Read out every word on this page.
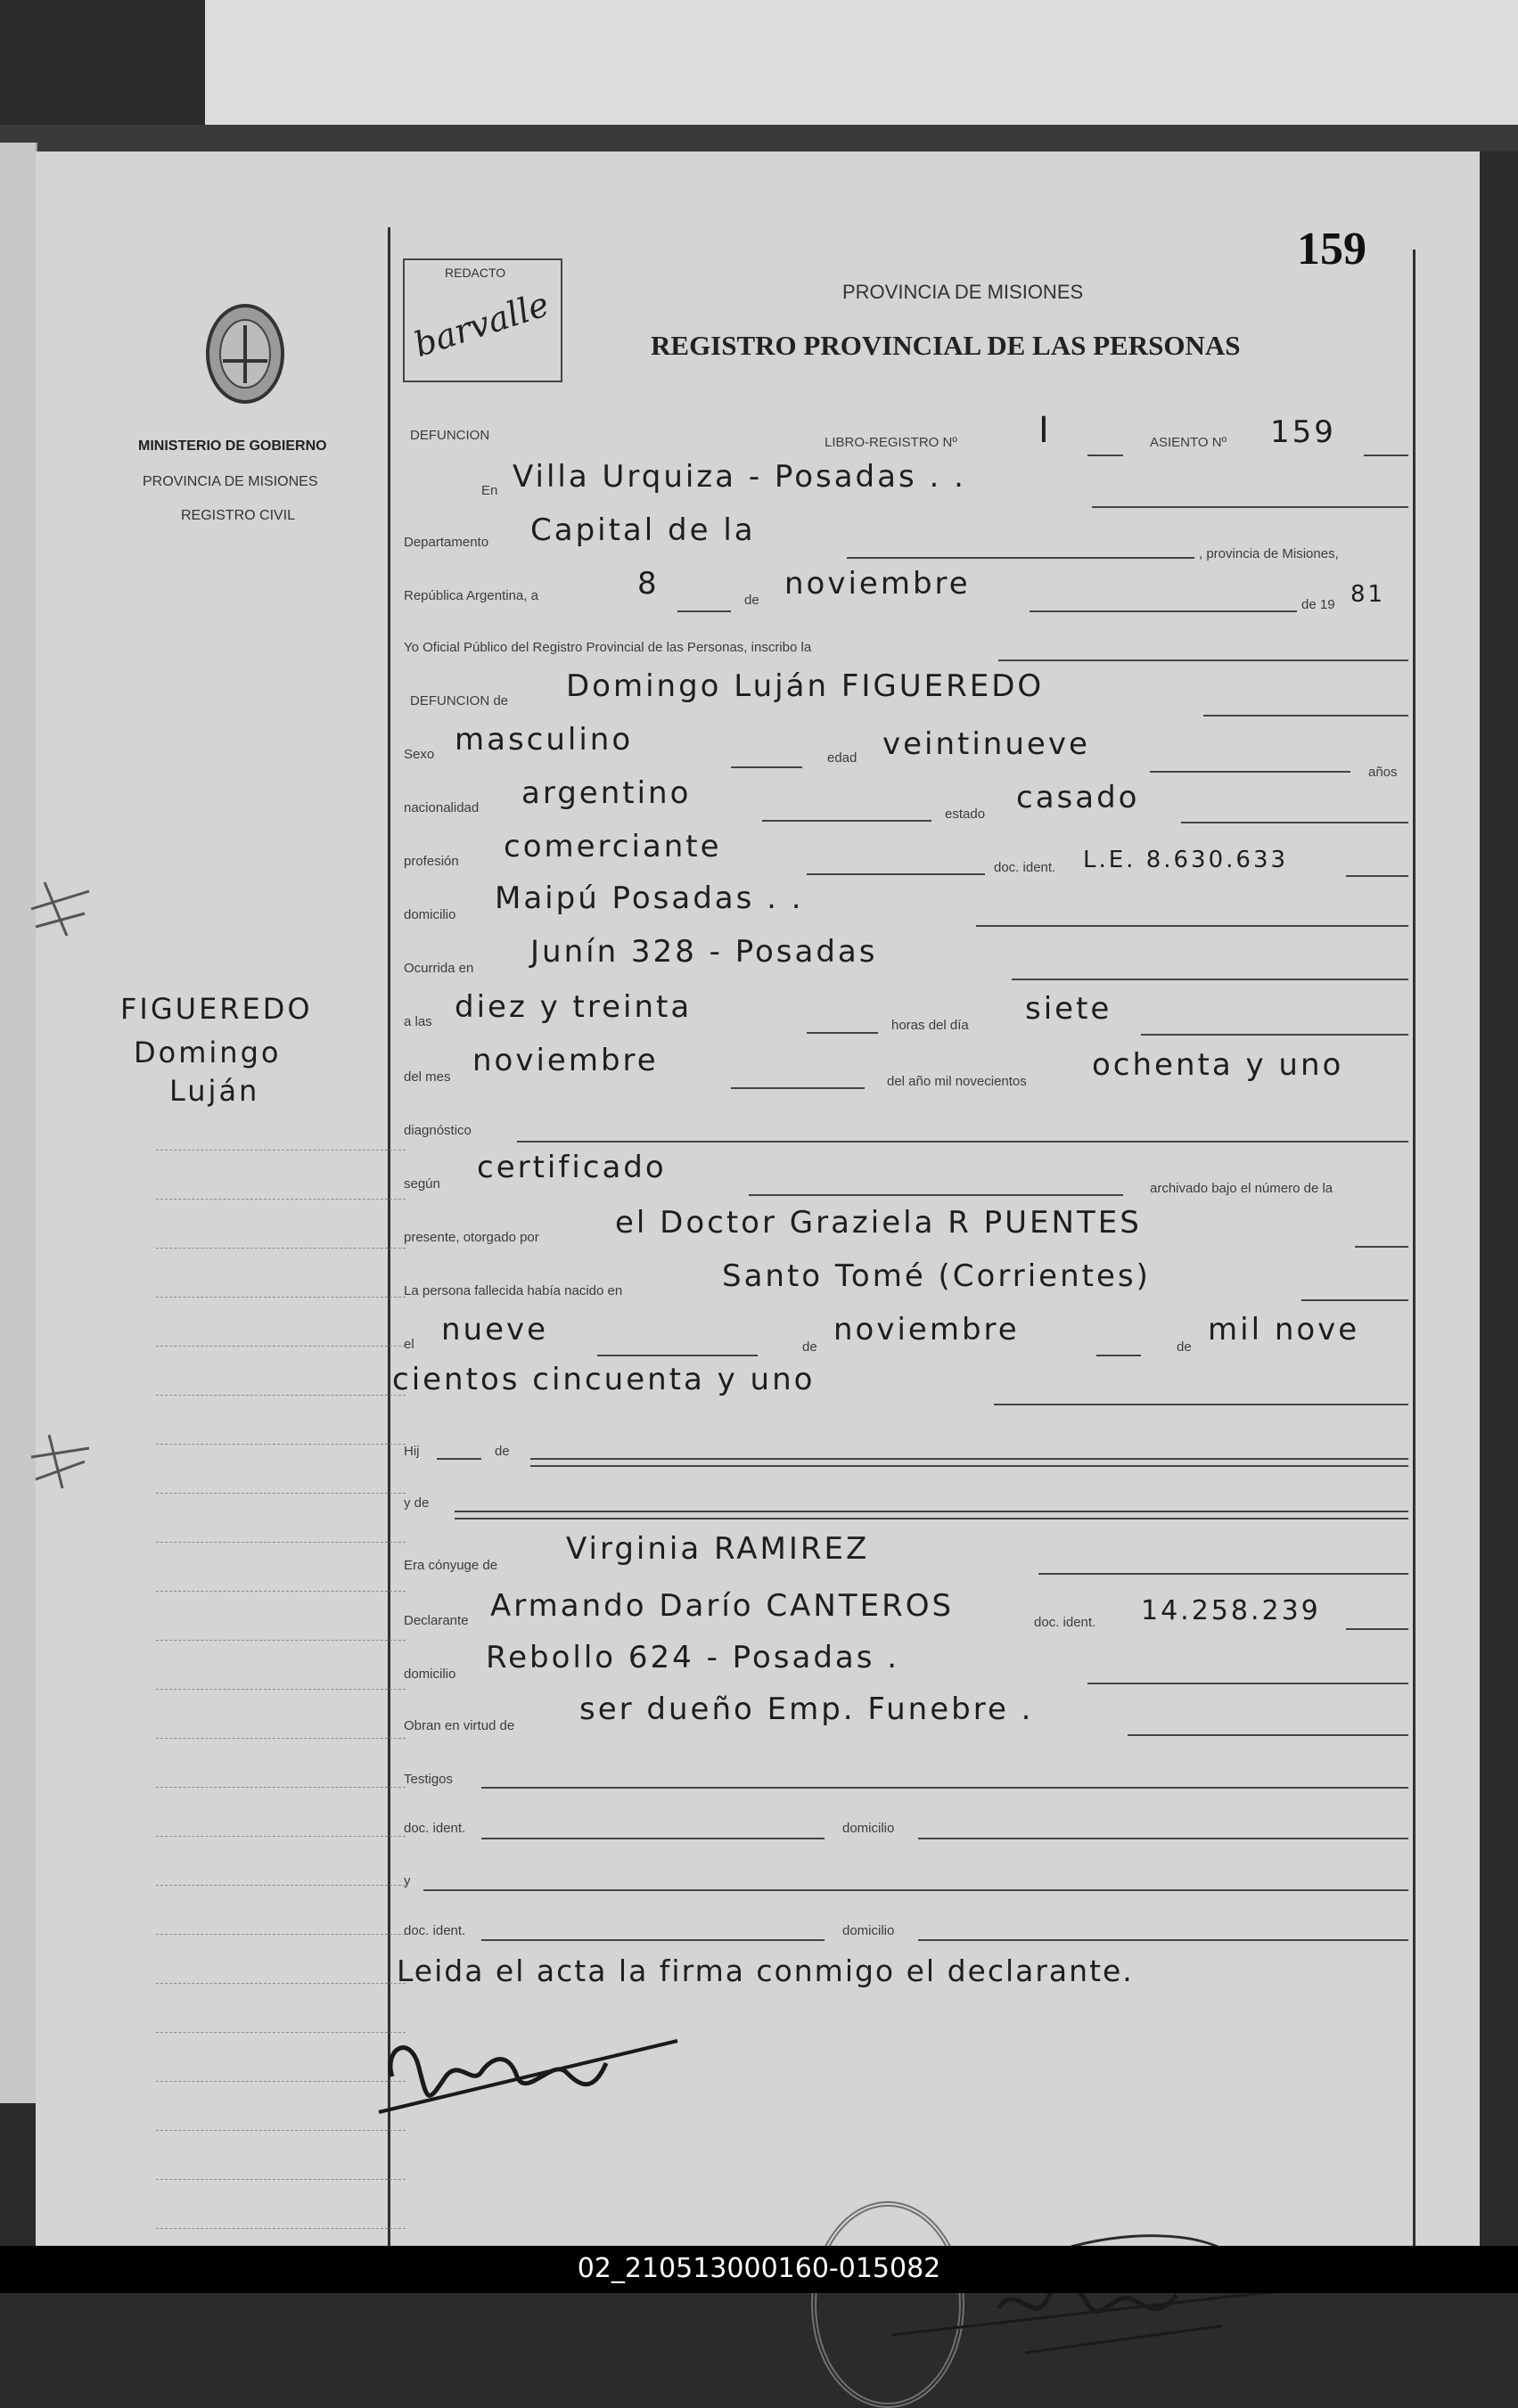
159
REDACTO
barvalle	PROVINCIA DE MISIONES
REGISTRO PROVINCIAL DE LAS PERSONAS
MINISTERIO DE GOBIERNO
PROVINCIA DE MISIONES
REGISTRO CIVIL
FIGUEREDO
Domingo
Luján
DEFUNCION	LIBRO-REGISTRO Nº I	ASIENTO Nº 159
En Villa Urquiza - Posadas . .
Departamento Capital de la
, provincia de Misiones,
República Argentina, a	8	de noviembre
de 19 81
Yo Oficial Público del Registro Provincial de las Personas, inscribo la
DEFUNCION de Domingo Luján FIGUEREDO
Sexo masculino
edad veintinueve
años
nacionalidad argentino
estado casado
profesión comerciante
doc. ident. L.E. 8.630.633
domicilio Maipú Posadas . .
Ocurrida en Junín 328 - Posadas
a las diez y treinta
horas del día siete
del mes noviembre
del año mil novecientos ochenta y uno
diagnóstico
según certificado
archivado bajo el número de la
presente, otorgado por	el Doctor Graziela R PUENTES
La persona fallecida había nacido en	Santo Tomé (Corrientes)
el nueve	de noviembre	de mil nove
cientos cincuenta y uno
Hij	de
y de
Era cónyuge de Virginia RAMIREZ
Declarante Armando Darío CANTEROS	doc. ident. 14.258.239
domicilio Rebollo 624 - Posadas .
Obran en virtud de ser dueño Emp. Funebre .
Testigos
doc. ident.	domicilio
y
doc. ident.	domicilio
Leida el acta la firma conmigo el declarante.
02_210513000160-015082
